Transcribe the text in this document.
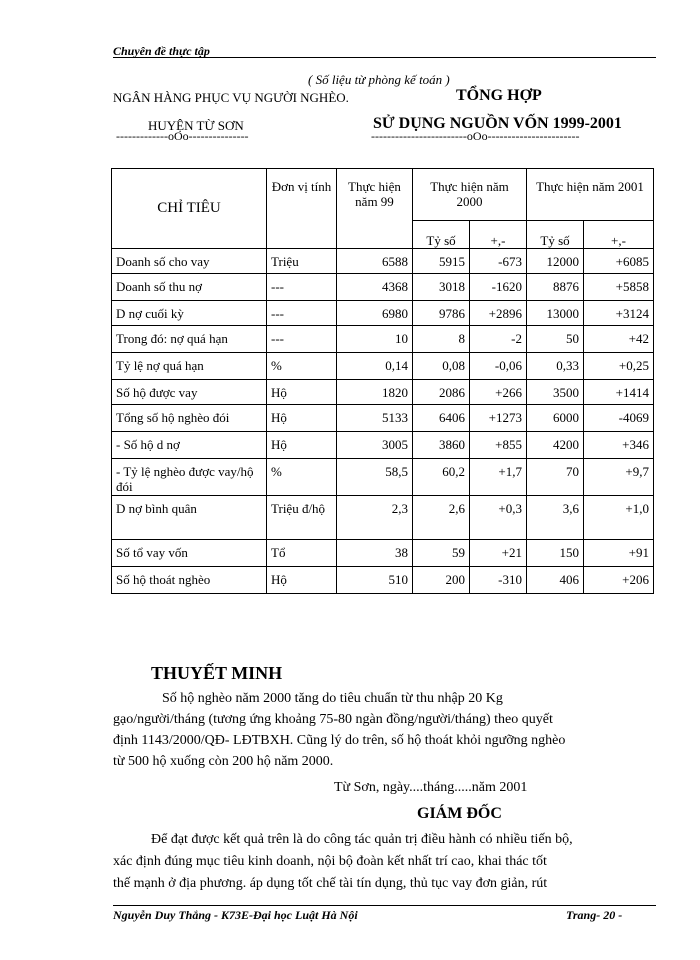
Chuyên đề thực tập
( Số liệu từ phòng kế toán )
NGÂN HÀNG PHỤC VỤ NGƯỜI NGHÈO.	TỔNG HỢP
HUYỆN TỪ SƠN	SỬ DỤNG NGUỒN VỐN 1999-2001
-------------oOo---------------	------------------------oOo-----------------------
CHỈ TIÊU	Đơn vị tính	Thực hiện năm 99	Thực hiện năm 2000		Thực hiện năm 2001	
			Tỷ số	+,-	Tỷ số	+,-
Doanh số cho vay	Triệu	6588	5915	-673	12000	+6085
Doanh số thu nợ	---	4368	3018	-1620	8876	+5858
D nợ cuối kỳ	---	6980	9786	+2896	13000	+3124
Trong đó: nợ quá hạn	---	10	8	-2	50	+42
Tỷ lệ nợ quá hạn	%	0,14	0,08	-0,06	0,33	+0,25
Số hộ được vay	Hộ	1820	2086	+266	3500	+1414
Tổng số hộ nghèo đói	Hộ	5133	6406	+1273	6000	-4069
- Số hộ d nợ	Hộ	3005	3860	+855	4200	+346
- Tỷ lệ nghèo được vay/hộ đói	%	58,5	60,2	+1,7	70	+9,7
D nợ bình quân	Triệu đ/hộ	2,3	2,6	+0,3	3,6	+1,0
Số tổ vay vốn	Tổ	38	59	+21	150	+91
Số hộ thoát nghèo	Hộ	510	200	-310	406	+206
THUYẾT MINH
Số hộ nghèo năm 2000 tăng do tiêu chuẩn từ thu nhập 20 Kg
gạo/người/tháng (tương ứng khoảng 75-80 ngàn đồng/người/tháng) theo quyết
định 1143/2000/QĐ- LĐTBXH. Cũng lý do trên, số hộ thoát khỏi ngưỡng nghèo
từ 500 hộ xuống còn 200 hộ năm 2000.
Từ Sơn, ngày....tháng.....năm 2001
GIÁM ĐỐC
Để đạt được kết quả trên là do công tác quản trị điều hành có nhiều tiến bộ,
xác định đúng mục tiêu kinh doanh, nội bộ đoàn kết nhất trí cao, khai thác tốt
thế mạnh ở địa phương. áp dụng tốt chế tài tín dụng, thủ tục vay đơn giản, rút
Nguyễn Duy Thắng - K73E-Đại học Luật Hà Nội	Trang- 20 -
